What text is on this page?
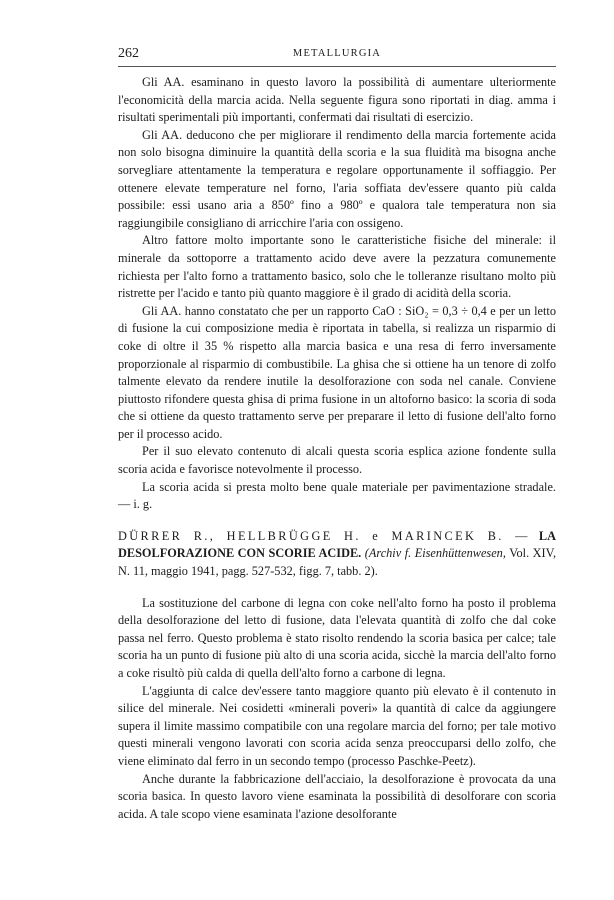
262	METALLURGIA

Gli AA. esaminano in questo lavoro la possibilità di aumentare ulteriormente l'economicità della marcia acida. Nella seguente figura sono riportati in diag. amma i risultati sperimentali più importanti, confermati dai risultati di esercizio.

Gli AA. deducono che per migliorare il rendimento della marcia fortemente acida non solo bisogna diminuire la quantità della scoria e la sua fluidità ma bisogna anche sorvegliare attentamente la temperatura e regolare opportunamente il soffiaggio. Per ottenere elevate temperature nel forno, l'aria soffiata dev'essere quanto più calda possibile: essi usano aria a 850º fino a 980º e qualora tale temperatura non sia raggiungibile consigliano di arricchire l'aria con ossigeno.

Altro fattore molto importante sono le caratteristiche fisiche del minerale: il minerale da sottoporre a trattamento acido deve avere la pezzatura comunemente richiesta per l'alto forno a trattamento basico, solo che le tolleranze risultano molto più ristrette per l'acido e tanto più quanto maggiore è il grado di acidità della scoria.

Gli AA. hanno constatato che per un rapporto CaO : SiO₂ = 0,3 ÷ 0,4 e per un letto di fusione la cui composizione media è riportata in tabella, si realizza un risparmio di coke di oltre il 35 % rispetto alla marcia basica e una resa di ferro inversamente proporzionale al risparmio di combustibile. La ghisa che si ottiene ha un tenore di zolfo talmente elevato da rendere inutile la desolforazione con soda nel canale. Conviene piuttosto rifondere questa ghisa di prima fusione in un altoforno basico: la scoria di soda che si ottiene da questo trattamento serve per preparare il letto di fusione dell'alto forno per il processo acido.

Per il suo elevato contenuto di alcali questa scoria esplica azione fondente sulla scoria acida e favorisce notevolmente il processo.

La scoria acida si presta molto bene quale materiale per pavimentazione stradale. — i. g.

DÜRRER R., HELLBRÜGGE H. e MARINCEK B. — LA DESOLFORAZIONE CON SCORIE ACIDE. (Archiv f. Eisenhüttenwesen, Vol. XIV, N. 11, maggio 1941, pagg. 527-532, figg. 7, tabb. 2).

La sostituzione del carbone di legna con coke nell'alto forno ha posto il problema della desolforazione del letto di fusione, data l'elevata quantità di zolfo che dal coke passa nel ferro. Questo problema è stato risolto rendendo la scoria basica per calce; tale scoria ha un punto di fusione più alto di una scoria acida, sicchè la marcia dell'alto forno a coke risultò più calda di quella dell'alto forno a carbone di legna.

L'aggiunta di calce dev'essere tanto maggiore quanto più elevato è il contenuto in silice del minerale. Nei cosidetti «minerali poveri» la quantità di calce da aggiungere supera il limite massimo compatibile con una regolare marcia del forno; per tale motivo questi minerali vengono lavorati con scoria acida senza preoccuparsi dello zolfo, che viene eliminato dal ferro in un secondo tempo (processo Paschke-Peetz).

Anche durante la fabbricazione dell'acciaio, la desolforazione è provocata da una scoria basica. In questo lavoro viene esaminata la possibilità di desolforare con scoria acida. A tale scopo viene esaminata l'azione desolforante
